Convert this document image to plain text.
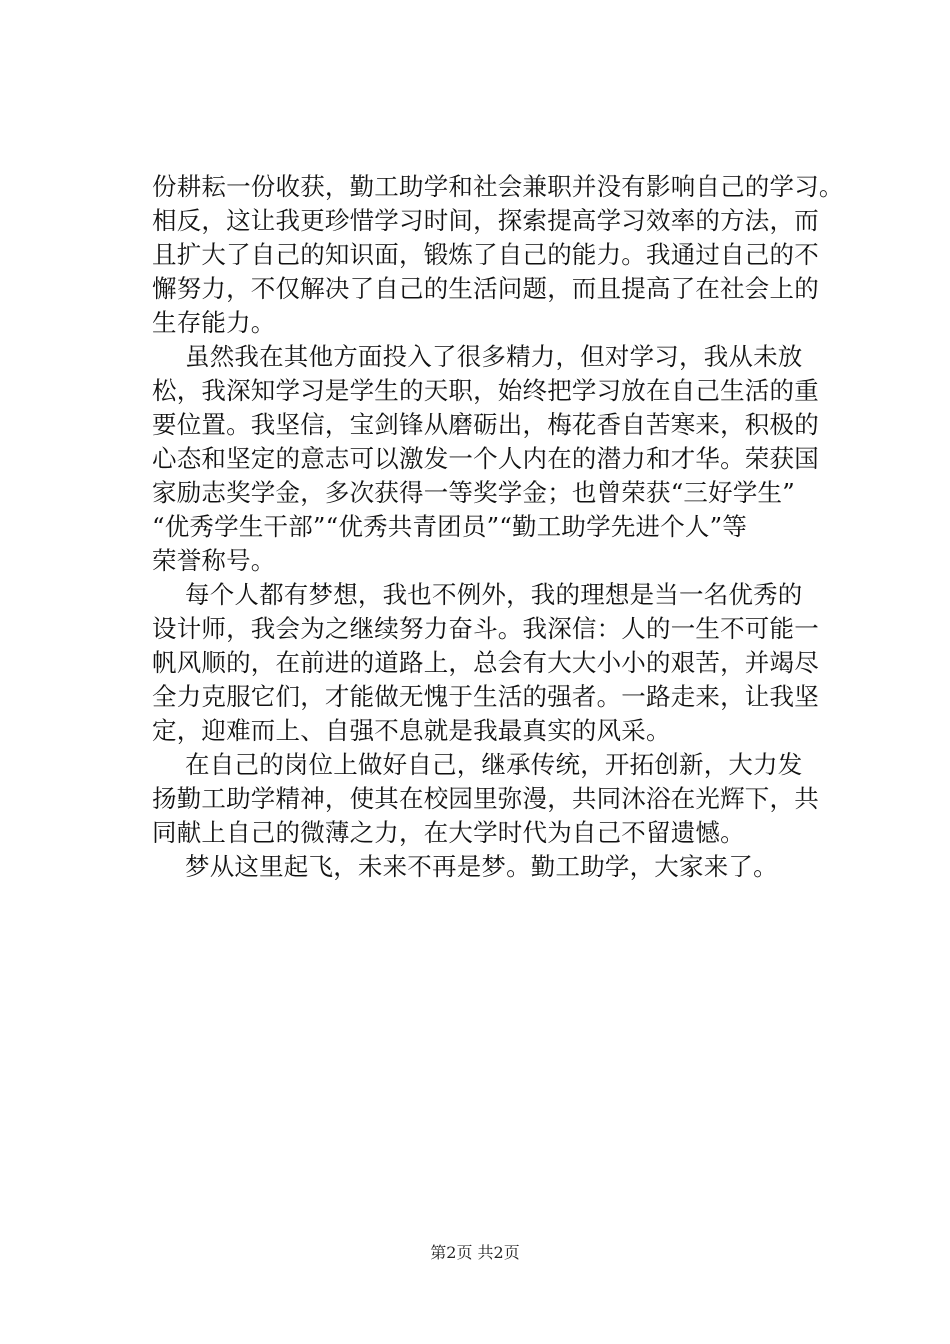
份耕耘一份收获，勤工助学和社会兼职并没有影响自己的学习。
相反，这让我更珍惜学习时间，探索提高学习效率的方法，而
且扩大了自己的知识面，锻炼了自己的能力。我通过自己的不
懈努力，不仅解决了自己的生活问题，而且提高了在社会上的
生存能力。
虽然我在其他方面投入了很多精力，但对学习，我从未放
松，我深知学习是学生的天职，始终把学习放在自己生活的重
要位置。我坚信，宝剑锋从磨砺出，梅花香自苦寒来，积极的
心态和坚定的意志可以激发一个人内在的潜力和才华。荣获国
家励志奖学金，多次获得一等奖学金；也曾荣获“三好学生”
“优秀学生干部”“优秀共青团员”“勤工助学先进个人”等
荣誉称号。
每个人都有梦想，我也不例外，我的理想是当一名优秀的
设计师，我会为之继续努力奋斗。我深信：人的一生不可能一
帆风顺的，在前进的道路上，总会有大大小小的艰苦，并竭尽
全力克服它们，才能做无愧于生活的强者。一路走来，让我坚
定，迎难而上、自强不息就是我最真实的风采。
在自己的岗位上做好自己，继承传统，开拓创新，大力发
扬勤工助学精神，使其在校园里弥漫，共同沐浴在光辉下，共
同献上自己的微薄之力，在大学时代为自己不留遗憾。
梦从这里起飞，未来不再是梦。勤工助学，大家来了。
第2页 共2页
